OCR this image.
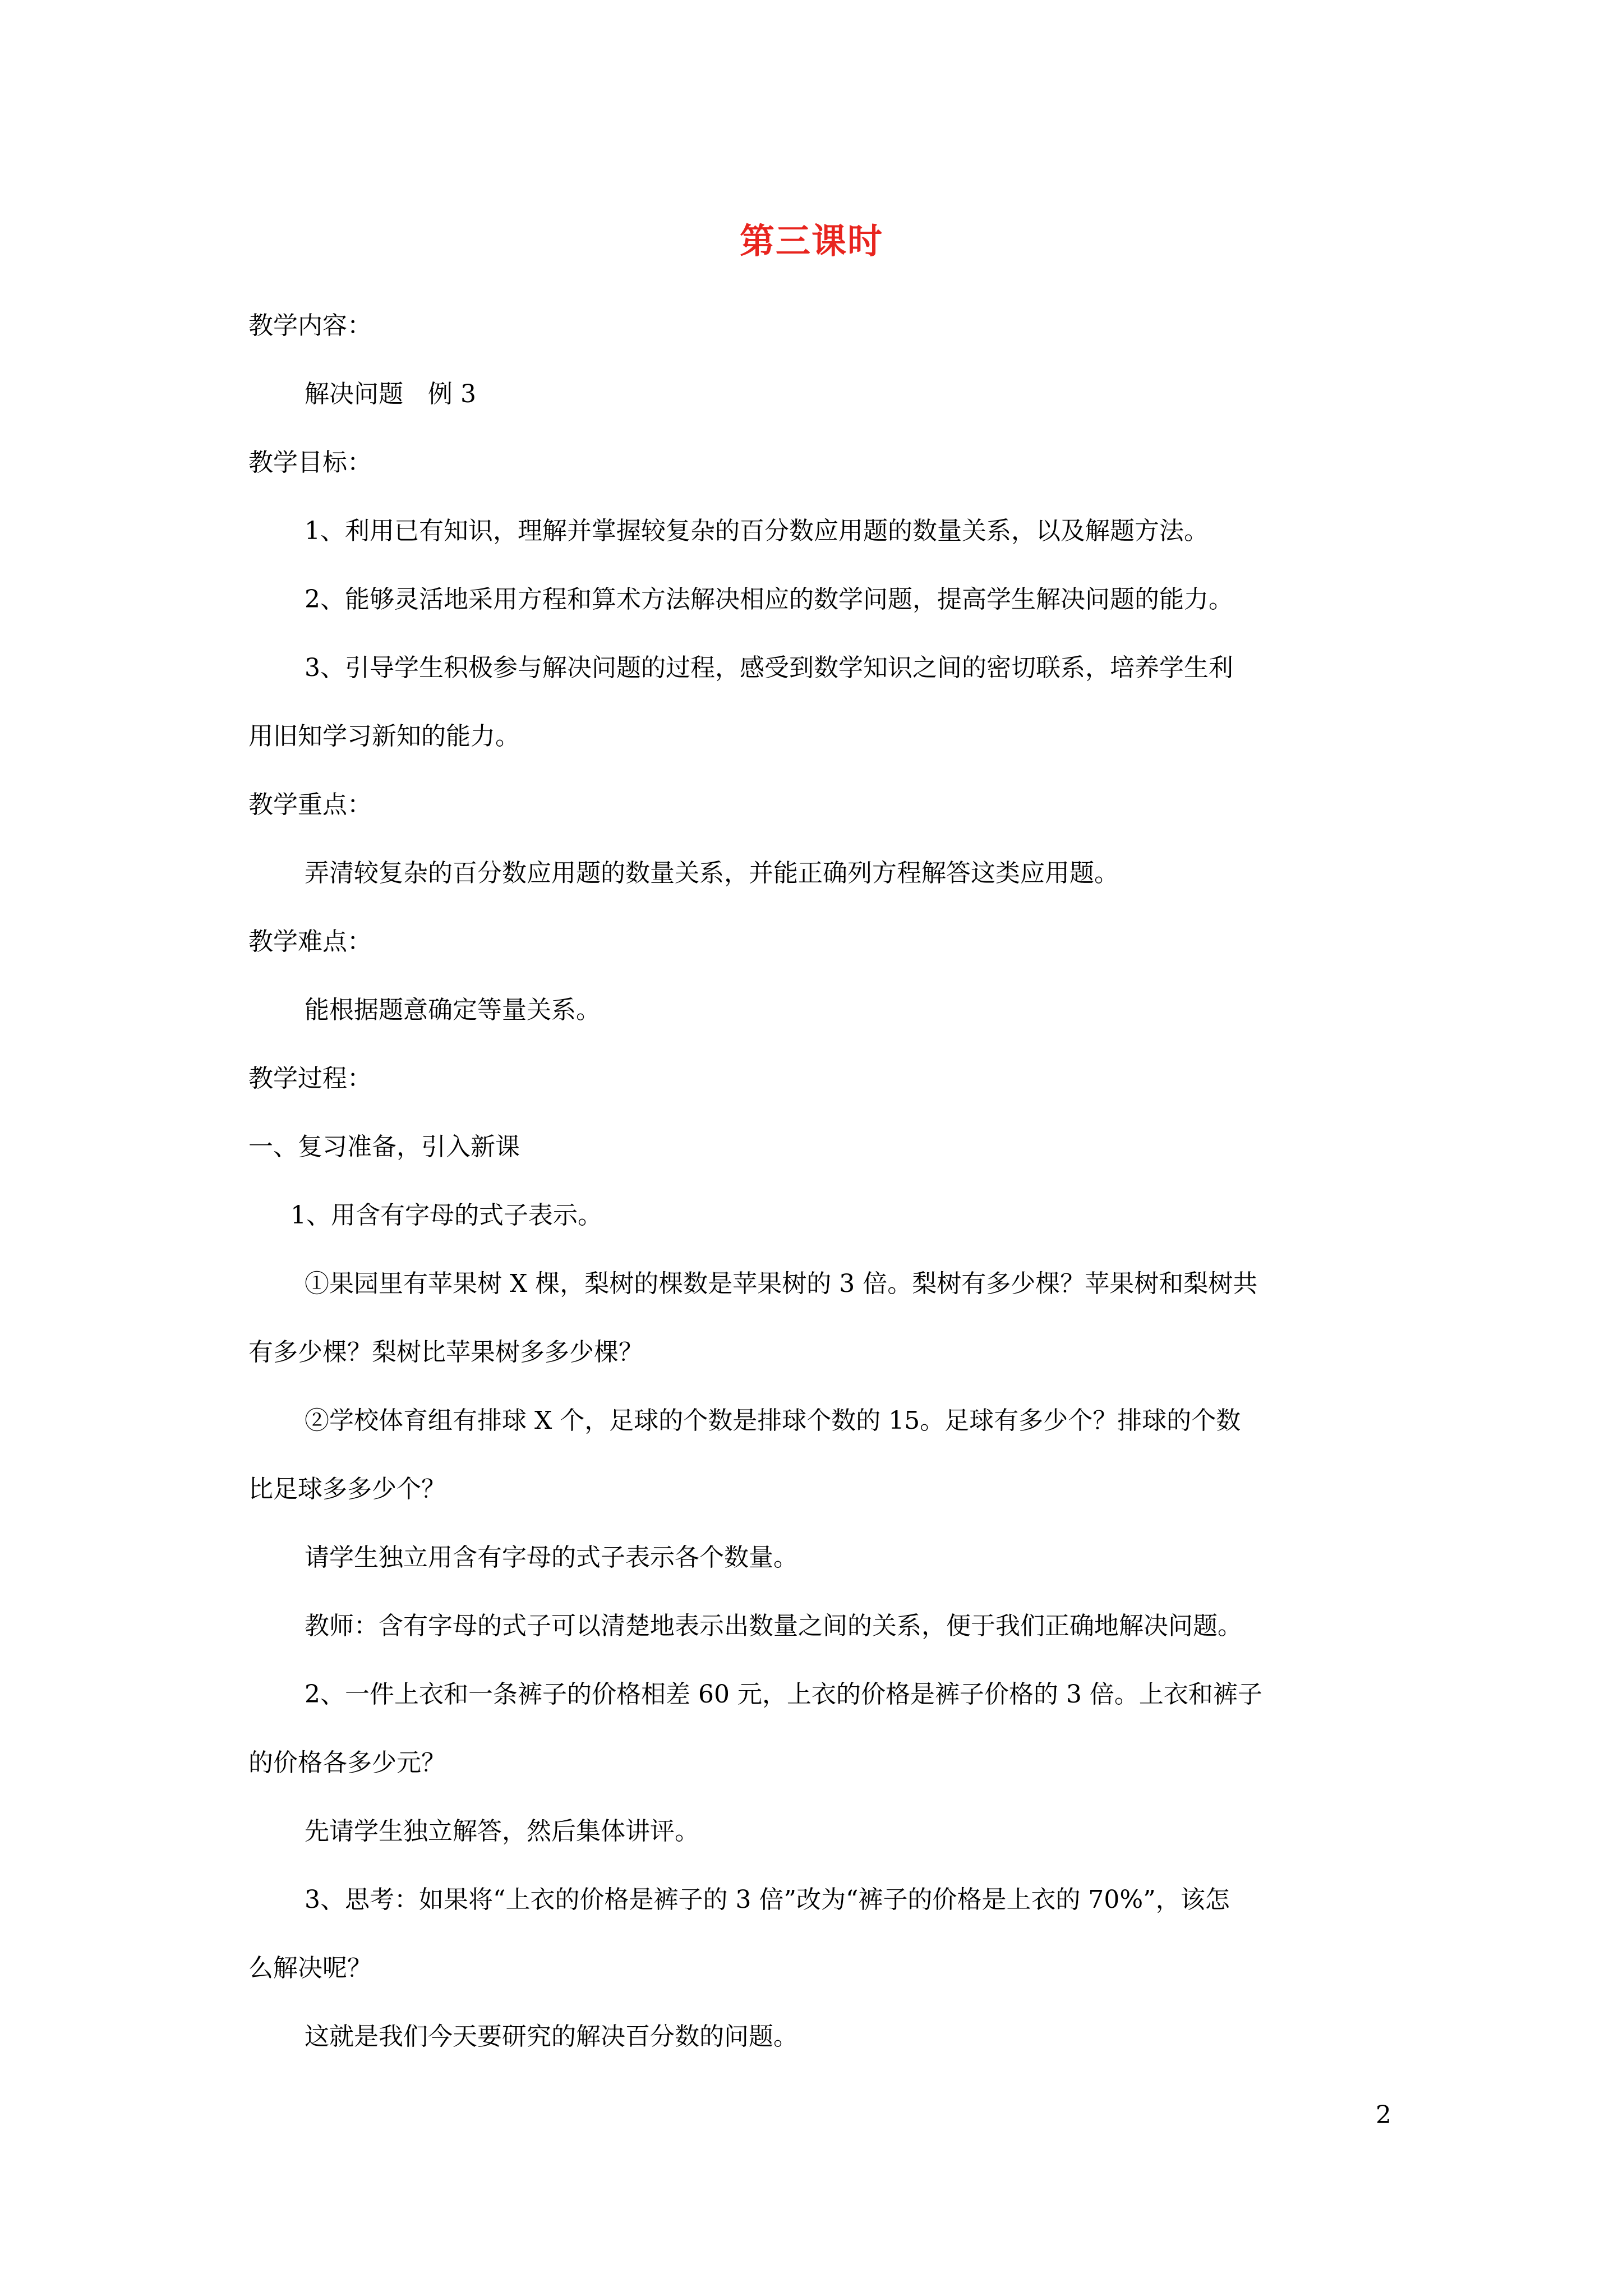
第三课时
教学内容：
解决问题　例 3
教学目标：
1、利用已有知识，理解并掌握较复杂的百分数应用题的数量关系，以及解题方法。
2、能够灵活地采用方程和算术方法解决相应的数学问题，提高学生解决问题的能力。
3、引导学生积极参与解决问题的过程，感受到数学知识之间的密切联系，培养学生利
用旧知学习新知的能力。
教学重点：
弄清较复杂的百分数应用题的数量关系，并能正确列方程解答这类应用题。
教学难点：
能根据题意确定等量关系。
教学过程：
一、复习准备，引入新课
1、用含有字母的式子表示。
①果园里有苹果树 X 棵，梨树的棵数是苹果树的 3 倍。梨树有多少棵？苹果树和梨树共
有多少棵？梨树比苹果树多多少棵？
②学校体育组有排球 X 个，足球的个数是排球个数的 15。足球有多少个？排球的个数
比足球多多少个？
请学生独立用含有字母的式子表示各个数量。
教师：含有字母的式子可以清楚地表示出数量之间的关系，便于我们正确地解决问题。
2、一件上衣和一条裤子的价格相差 60 元，上衣的价格是裤子价格的 3 倍。上衣和裤子
的价格各多少元？
先请学生独立解答，然后集体讲评。
3、思考：如果将“上衣的价格是裤子的 3 倍”改为“裤子的价格是上衣的 70%”，该怎
么解决呢？
这就是我们今天要研究的解决百分数的问题。
2
